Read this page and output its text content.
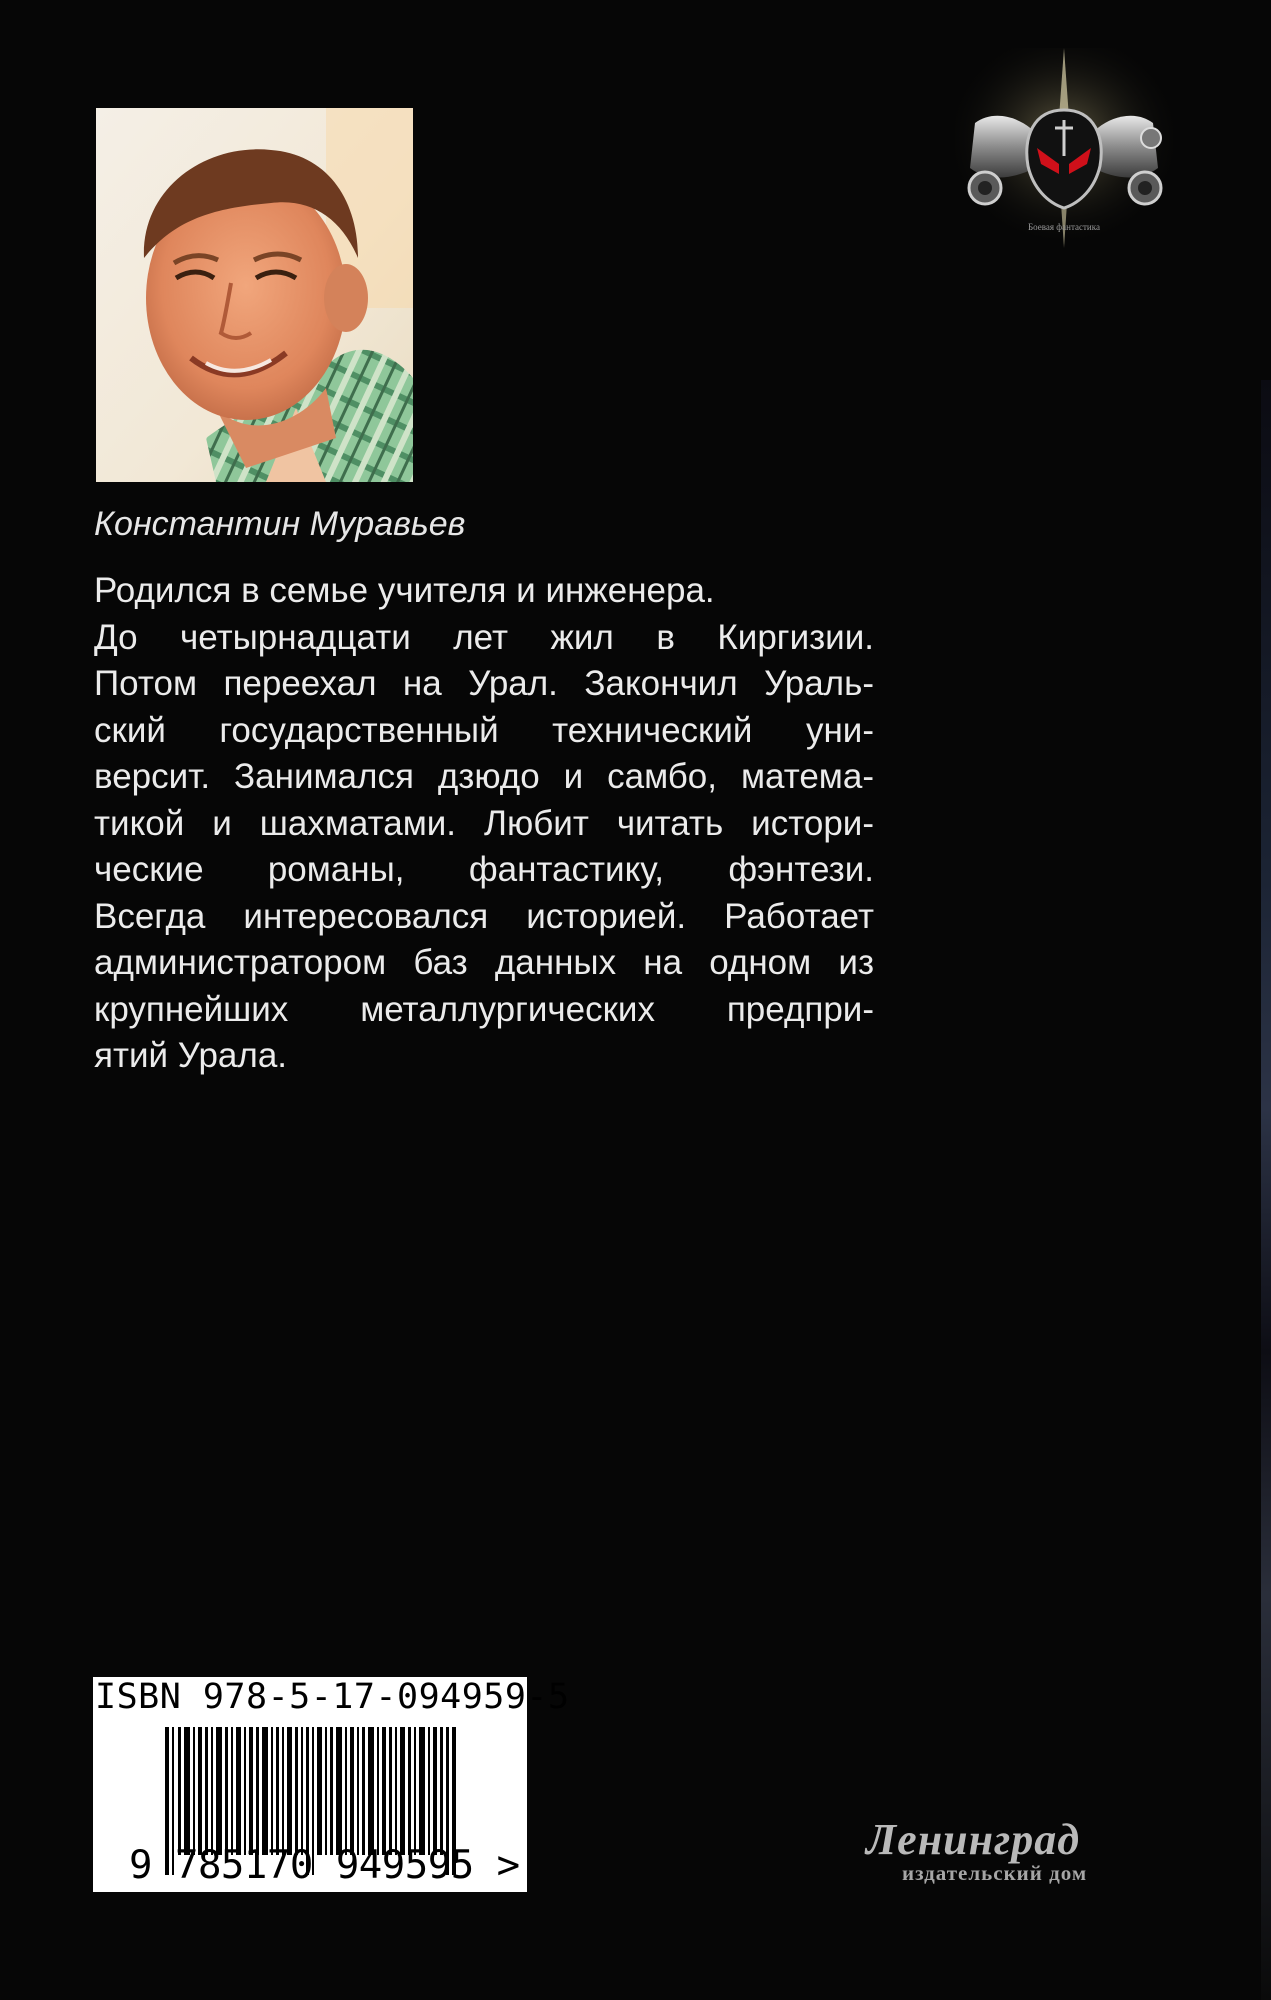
Константин Муравьев

Родился в семье учителя и инженера.

До четырнадцати лет жил в Киргизии.

Потом переехал на Урал. Закончил Ураль-

ский государственный технический уни-

версит. Занимался дзюдо и самбо, матема-

тикой и шахматами. Любит читать истори-

ческие романы, фантастику, фэнтези.

Всегда интересовался историей. Работает

администратором баз данных на одном из

крупнейших металлургических предпри-

ятий Урала.

Боевая фантастика
ISBN 978-5-17-094959-5
9 785170 949595 >
Ленинград
издательский дом
